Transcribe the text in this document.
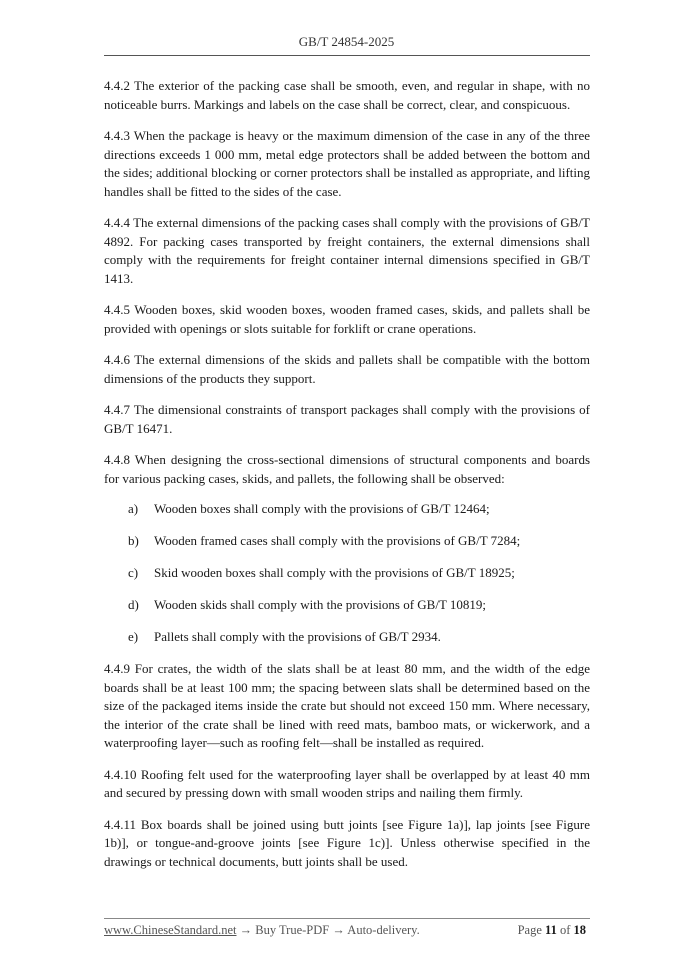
GB/T 24854-2025

4.4.2 The exterior of the packing case shall be smooth, even, and regular in shape, with no noticeable burrs. Markings and labels on the case shall be correct, clear, and conspicuous.

4.4.3 When the package is heavy or the maximum dimension of the case in any of the three directions exceeds 1 000 mm, metal edge protectors shall be added between the bottom and the sides; additional blocking or corner protectors shall be installed as appropriate, and lifting handles shall be fitted to the sides of the case.

4.4.4 The external dimensions of the packing cases shall comply with the provisions of GB/T 4892. For packing cases transported by freight containers, the external dimensions shall comply with the requirements for freight container internal dimensions specified in GB/T 1413.

4.4.5 Wooden boxes, skid wooden boxes, wooden framed cases, skids, and pallets shall be provided with openings or slots suitable for forklift or crane operations.

4.4.6 The external dimensions of the skids and pallets shall be compatible with the bottom dimensions of the products they support.

4.4.7 The dimensional constraints of transport packages shall comply with the provisions of GB/T 16471.

4.4.8 When designing the cross-sectional dimensions of structural components and boards for various packing cases, skids, and pallets, the following shall be observed:

a)	Wooden boxes shall comply with the provisions of GB/T 12464;
b)	Wooden framed cases shall comply with the provisions of GB/T 7284;
c)	Skid wooden boxes shall comply with the provisions of GB/T 18925;
d)	Wooden skids shall comply with the provisions of GB/T 10819;
e)	Pallets shall comply with the provisions of GB/T 2934.

4.4.9 For crates, the width of the slats shall be at least 80 mm, and the width of the edge boards shall be at least 100 mm; the spacing between slats shall be determined based on the size of the packaged items inside the crate but should not exceed 150 mm. Where necessary, the interior of the crate shall be lined with reed mats, bamboo mats, or wickerwork, and a waterproofing layer—such as roofing felt—shall be installed as required.

4.4.10 Roofing felt used for the waterproofing layer shall be overlapped by at least 40 mm and secured by pressing down with small wooden strips and nailing them firmly.

4.4.11 Box boards shall be joined using butt joints [see Figure 1a)], lap joints [see Figure 1b)], or tongue-and-groove joints [see Figure 1c)]. Unless otherwise specified in the drawings or technical documents, butt joints shall be used.

www.ChineseStandard.net → Buy True-PDF → Auto-delivery.	Page 11 of 18
